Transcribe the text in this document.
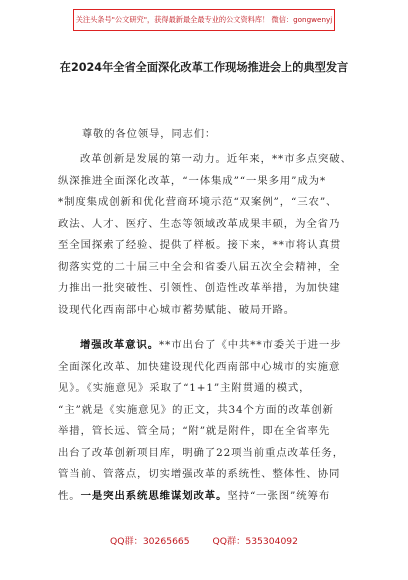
关注头条号"公文研究"，获得最新最全最专业的公文资料库！ 微信：gongwenyj
在2024年全省全面深化改革工作现场推进会上的典型发言
尊敬的各位领导，同志们：
改革创新是发展的第一动力。近年来，**市多点突破、
纵深推进全面深化改革，“一体集成”“一果多用”成为*
*制度集成创新和优化营商环境示范“双案例”，“三农”、
政法、人才、医疗、生态等领域改革成果丰硕，为全省乃
至全国探索了经验、提供了样板。接下来，**市将认真贯
彻落实党的二十届三中全会和省委八届五次全会精神，全
力推出一批突破性、引领性、创造性改革举措，为加快建
设现代化西南部中心城市蓄势赋能、破局开路。
增强改革意识。**市出台了《中共**市委关于进一步
全面深化改革、加快建设现代化西南部中心城市的实施意
见》。《实施意见》采取了“1+1”主附贯通的模式，
“主”就是《实施意见》的正文，共34个方面的改革创新
举措，管长远、管全局；“附”就是附件，即在全省率先
出台了改革创新项目库，明确了22项当前重点改革任务，
管当前、管落点，切实增强改革的系统性、整体性、协同
性。一是突出系统思维谋划改革。坚持“一张图”统筹布
QQ群：30265665 QQ群：535304092
